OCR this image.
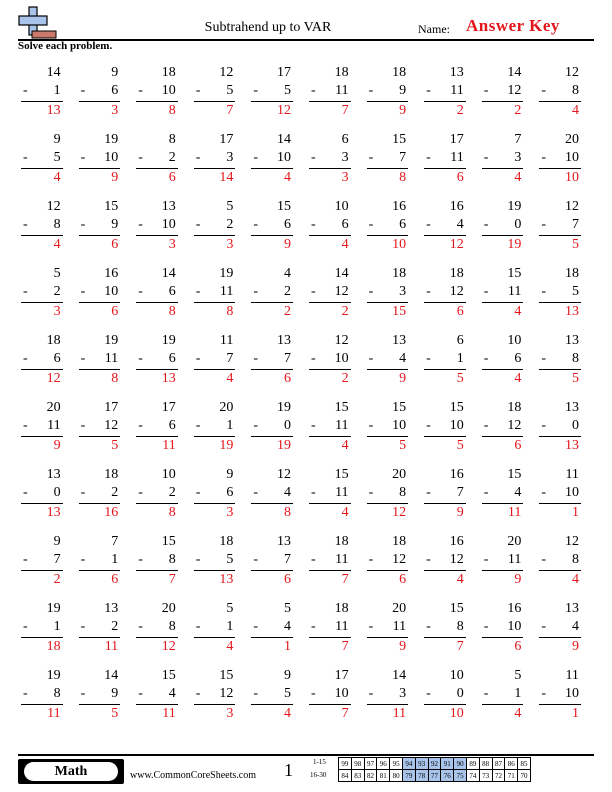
Subtrahend up to VAR	Name: Answer Key
Solve each problem.
14
- 1
13
9
- 6
3
18
- 10
8
12
- 5
7
17
- 5
12
18
- 11
7
18
- 9
9
13
- 11
2
14
- 12
2
12
- 8
4
9
- 5
4
19
- 10
9
8
- 2
6
17
- 3
14
14
- 10
4
6
- 3
3
15
- 7
8
17
- 11
6
7
- 3
4
20
- 10
10
12
- 8
4
15
- 9
6
13
- 10
3
5
- 2
3
15
- 6
9
10
- 6
4
16
- 6
10
16
- 4
12
19
- 0
19
12
- 7
5
5
- 2
3
16
- 10
6
14
- 6
8
19
- 11
8
4
- 2
2
14
- 12
2
18
- 3
15
18
- 12
6
15
- 11
4
18
- 5
13
18
- 6
12
19
- 11
8
19
- 6
13
11
- 7
4
13
- 7
6
12
- 10
2
13
- 4
9
6
- 1
5
10
- 6
4
13
- 8
5
20
- 11
9
17
- 12
5
17
- 6
11
20
- 1
19
19
- 0
19
15
- 11
4
15
- 10
5
15
- 10
5
18
- 12
6
13
- 0
13
13
- 0
13
18
- 2
16
10
- 2
8
9
- 6
3
12
- 4
8
15
- 11
4
20
- 8
12
16
- 7
9
15
- 4
11
11
- 10
1
9
- 7
2
7
- 1
6
15
- 8
7
18
- 5
13
13
- 7
6
18
- 11
7
18
- 12
6
16
- 12
4
20
- 11
9
12
- 8
4
19
- 1
18
13
- 2
11
20
- 8
12
5
- 1
4
5
- 4
1
18
- 11
7
20
- 11
9
15
- 8
7
16
- 10
6
13
- 4
9
19
- 8
11
14
- 9
5
15
- 4
11
15
- 12
3
9
- 5
4
17
- 10
7
14
- 3
11
10
- 0
10
5
- 1
4
11
- 10
1
Math	www.CommonCoreSheets.com 1	1-15
16-30
99	98	97	96	95	94	93	92	91	90	89	88	87	86	85
84	83	82	81	80	79	78	77	76	75	74	73	72	71	70
